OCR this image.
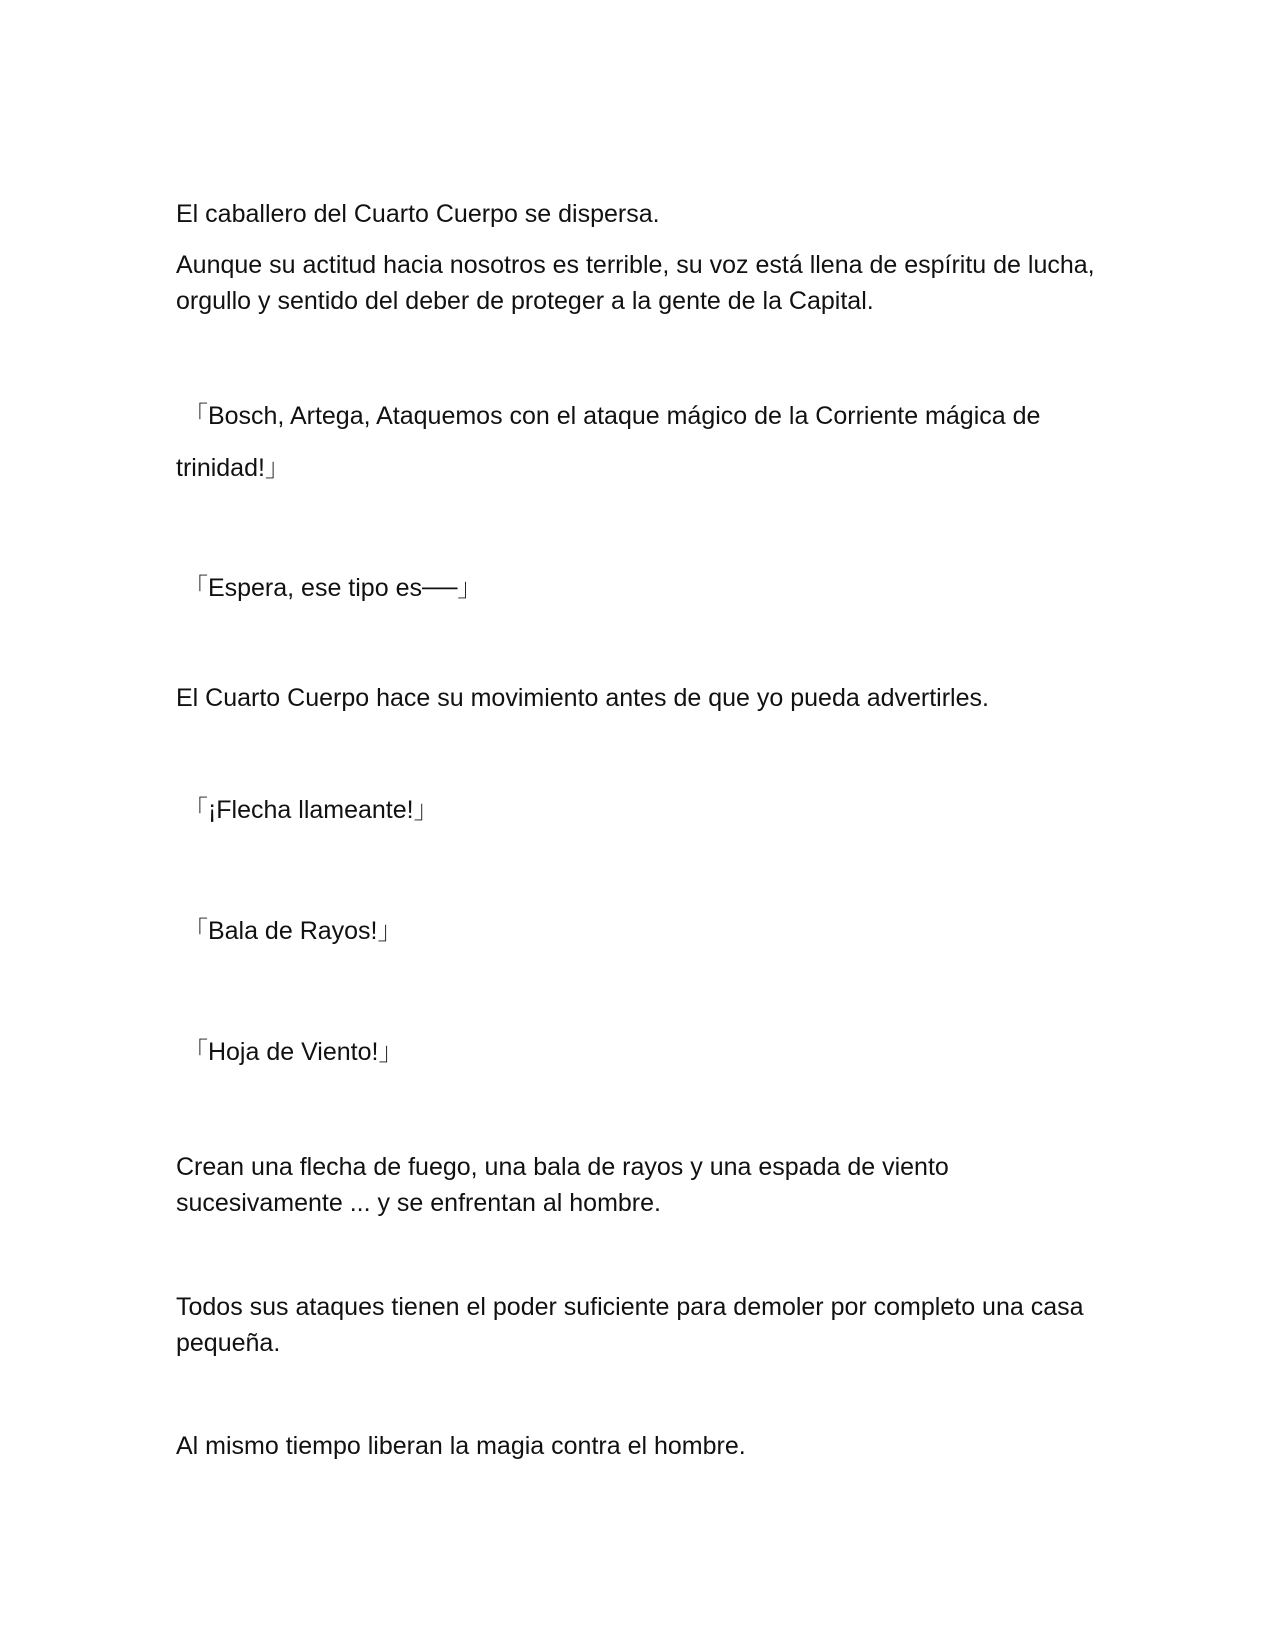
El caballero del Cuarto Cuerpo se dispersa.

Aunque su actitud hacia nosotros es terrible, su voz está llena de espíritu de lucha, orgullo y sentido del deber de proteger a la gente de la Capital.

「Bosch, Artega, Ataquemos con el ataque mágico de la Corriente mágica de trinidad!」

「Espera, ese tipo es──」

El Cuarto Cuerpo hace su movimiento antes de que yo pueda advertirles.

「¡Flecha llameante!」

「Bala de Rayos!」

「Hoja de Viento!」

Crean una flecha de fuego, una bala de rayos y una espada de viento sucesivamente ... y se enfrentan al hombre.

Todos sus ataques tienen el poder suficiente para demoler por completo una casa pequeña.

Al mismo tiempo liberan la magia contra el hombre.
